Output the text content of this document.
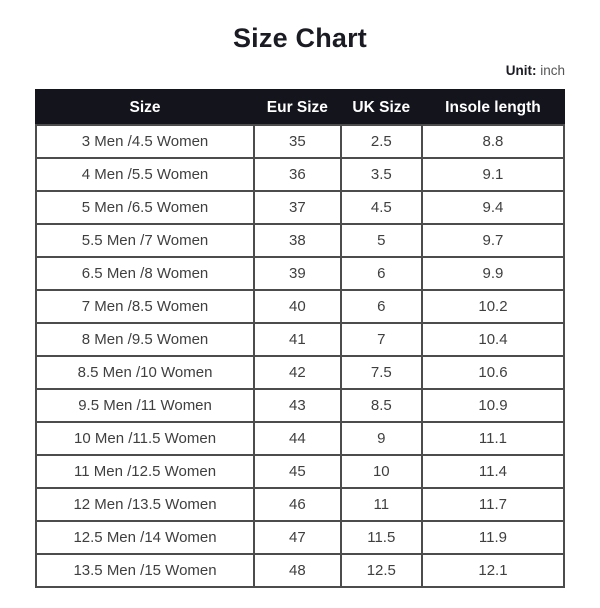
Size Chart
Unit: inch
Size	Eur Size	UK Size	Insole length
3 Men /4.5 Women	35	2.5	8.8
4 Men /5.5 Women	36	3.5	9.1
5 Men /6.5 Women	37	4.5	9.4
5.5 Men /7 Women	38	5	9.7
6.5 Men /8 Women	39	6	9.9
7 Men /8.5 Women	40	6	10.2
8 Men /9.5 Women	41	7	10.4
8.5 Men /10 Women	42	7.5	10.6
9.5 Men /11 Women	43	8.5	10.9
10 Men /11.5 Women	44	9	11.1
11 Men /12.5 Women	45	10	11.4
12 Men /13.5 Women	46	11	11.7
12.5 Men /14 Women	47	11.5	11.9
13.5 Men /15 Women	48	12.5	12.1
